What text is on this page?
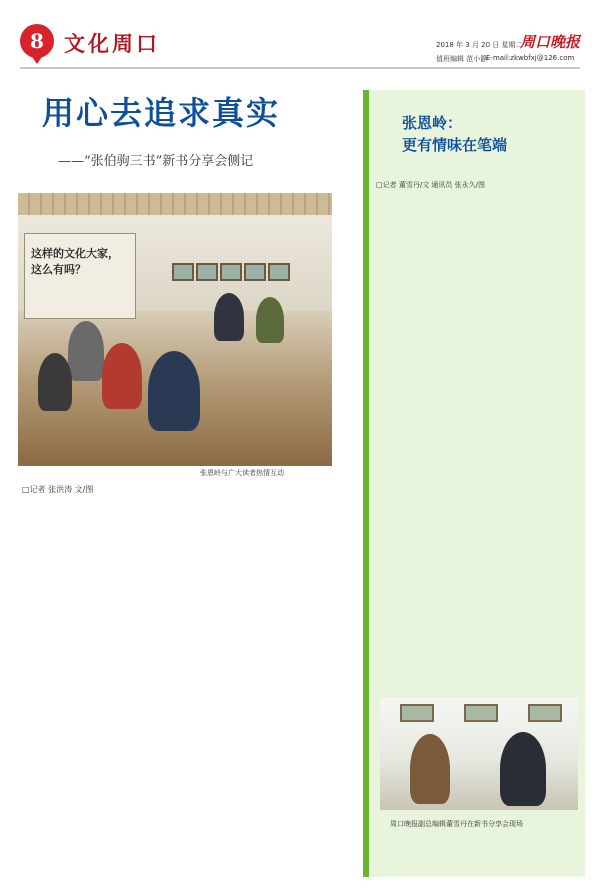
8 文化周口	2018 年 3 月 20 日 星期二
值班编辑 范小静
E-mail:zkwbfxj@126.com
周口晚报
用心去追求真实
——“张伯驹三书”新书分享会侧记
这样的文化大家，这么有吗？
张恩岭与广大读者热情互动
□记者 张洪涛 文/图
张恩岭：
更有情味在笔端
□记者 董雪丹/文 通讯员 张永久/图
周口晚报副总编辑董雪丹在新书分享会现场
